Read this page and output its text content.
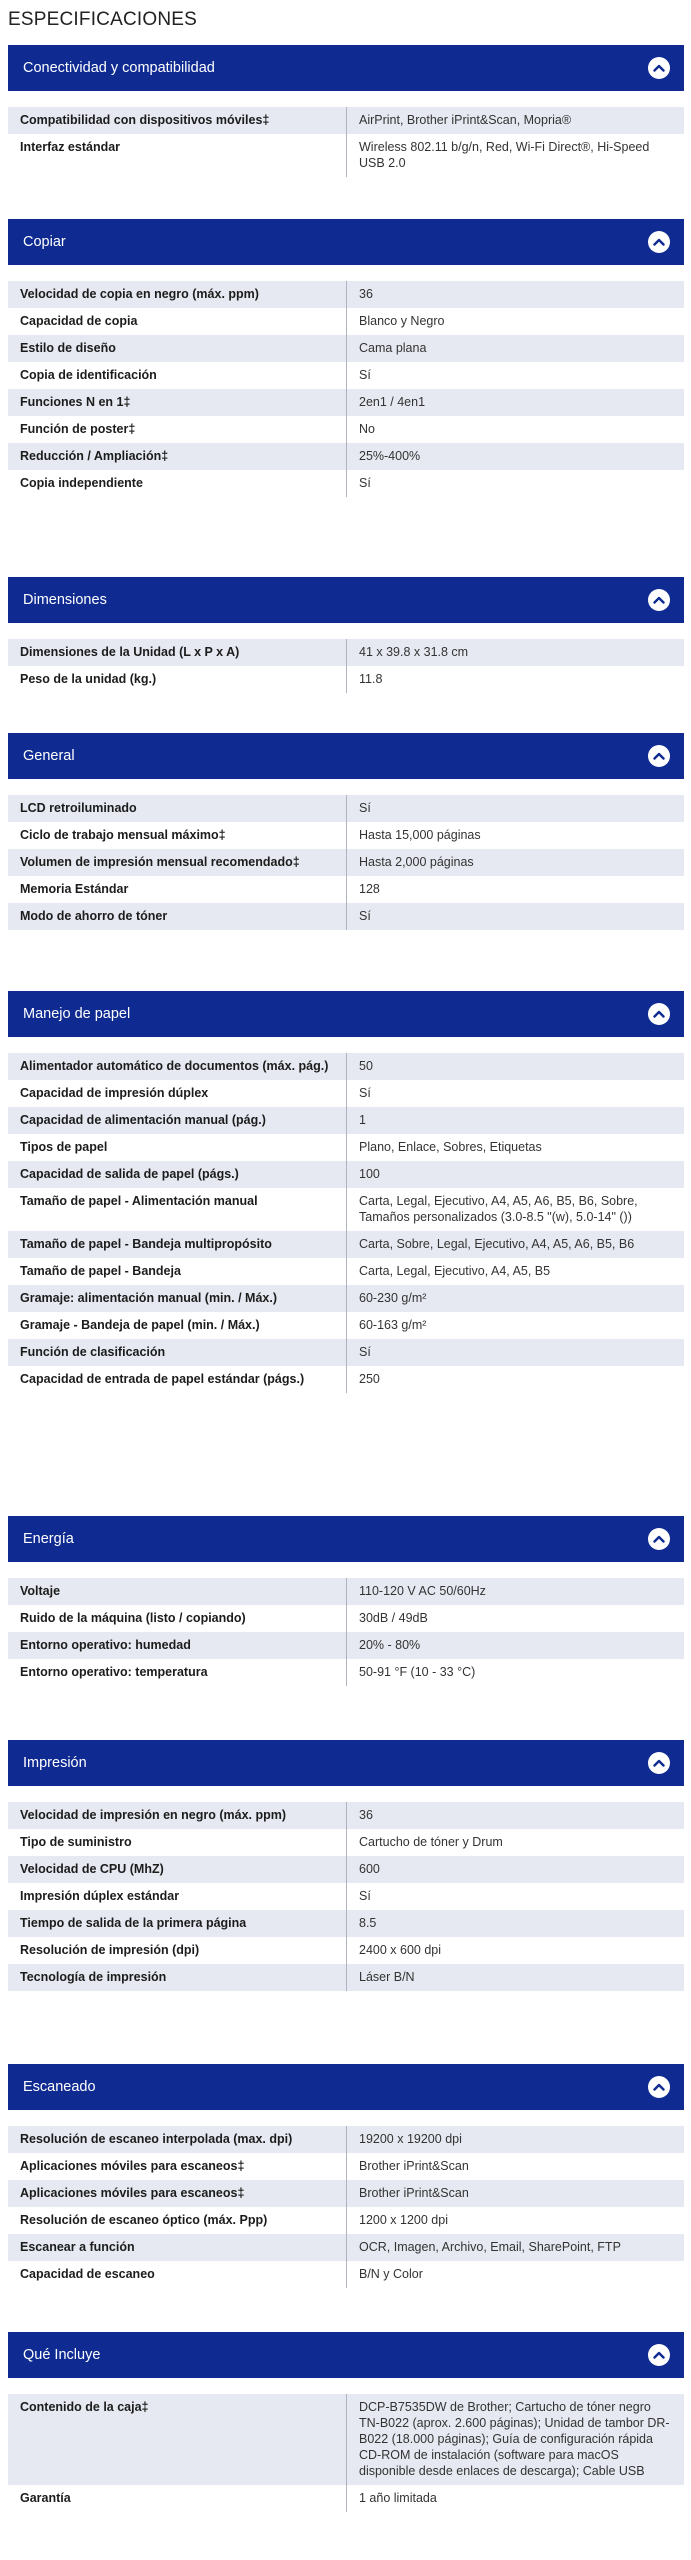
ESPECIFICACIONES
Conectividad y compatibilidad
Compatibilidad con dispositivos móviles‡	AirPrint, Brother iPrint&Scan, Mopria®
Interfaz estándar	Wireless 802.11 b/g/n, Red, Wi-Fi Direct®, Hi-Speed USB 2.0
Copiar
Velocidad de copia en negro (máx. ppm)	36
Capacidad de copia	Blanco y Negro
Estilo de diseño	Cama plana
Copia de identificación	Sí
Funciones N en 1‡	2en1 / 4en1
Función de poster‡	No
Reducción / Ampliación‡	25%-400%
Copia independiente	Sí
Dimensiones
Dimensiones de la Unidad (L x P x A)	41 x 39.8 x 31.8 cm
Peso de la unidad (kg.)	11.8
General
LCD retroiluminado	Sí
Ciclo de trabajo mensual máximo‡	Hasta 15,000 páginas
Volumen de impresión mensual recomendado‡	Hasta 2,000 páginas
Memoria Estándar	128
Modo de ahorro de tóner	Sí
Manejo de papel
Alimentador automático de documentos (máx. pág.)	50
Capacidad de impresión dúplex	Sí
Capacidad de alimentación manual (pág.)	1
Tipos de papel	Plano, Enlace, Sobres, Etiquetas
Capacidad de salida de papel (págs.)	100
Tamaño de papel - Alimentación manual	Carta, Legal, Ejecutivo, A4, A5, A6, B5, B6, Sobre, Tamaños personalizados (3.0-8.5 "(w), 5.0-14" ())
Tamaño de papel - Bandeja multipropósito	Carta, Sobre, Legal, Ejecutivo, A4, A5, A6, B5, B6
Tamaño de papel - Bandeja	Carta, Legal, Ejecutivo, A4, A5, B5
Gramaje: alimentación manual (min. / Máx.)	60-230 g/m²
Gramaje - Bandeja de papel (min. / Máx.)	60-163 g/m²
Función de clasificación	Sí
Capacidad de entrada de papel estándar (págs.)	250
Energía
Voltaje	110-120 V AC 50/60Hz
Ruido de la máquina (listo / copiando)	30dB / 49dB
Entorno operativo: humedad	20% - 80%
Entorno operativo: temperatura	50-91 °F (10 - 33 °C)
Impresión
Velocidad de impresión en negro (máx. ppm)	36
Tipo de suministro	Cartucho de tóner y Drum
Velocidad de CPU (MhZ)	600
Impresión dúplex estándar	Sí
Tiempo de salida de la primera página	8.5
Resolución de impresión (dpi)	2400 x 600 dpi
Tecnología de impresión	Láser B/N
Escaneado
Resolución de escaneo interpolada (max. dpi)	19200 x 19200 dpi
Aplicaciones móviles para escaneos‡	Brother iPrint&Scan
Aplicaciones móviles para escaneos‡	Brother iPrint&Scan
Resolución de escaneo óptico (máx. Ppp)	1200 x 1200 dpi
Escanear a función	OCR, Imagen, Archivo, Email, SharePoint, FTP
Capacidad de escaneo	B/N y Color
Qué Incluye
Contenido de la caja‡	DCP-B7535DW de Brother; Cartucho de tóner negro TN-B022 (aprox. 2.600 páginas); Unidad de tambor DR-B022 (18.000 páginas); Guía de configuración rápida CD-ROM de instalación (software para macOS disponible desde enlaces de descarga); Cable USB
Garantía	1 año limitada
